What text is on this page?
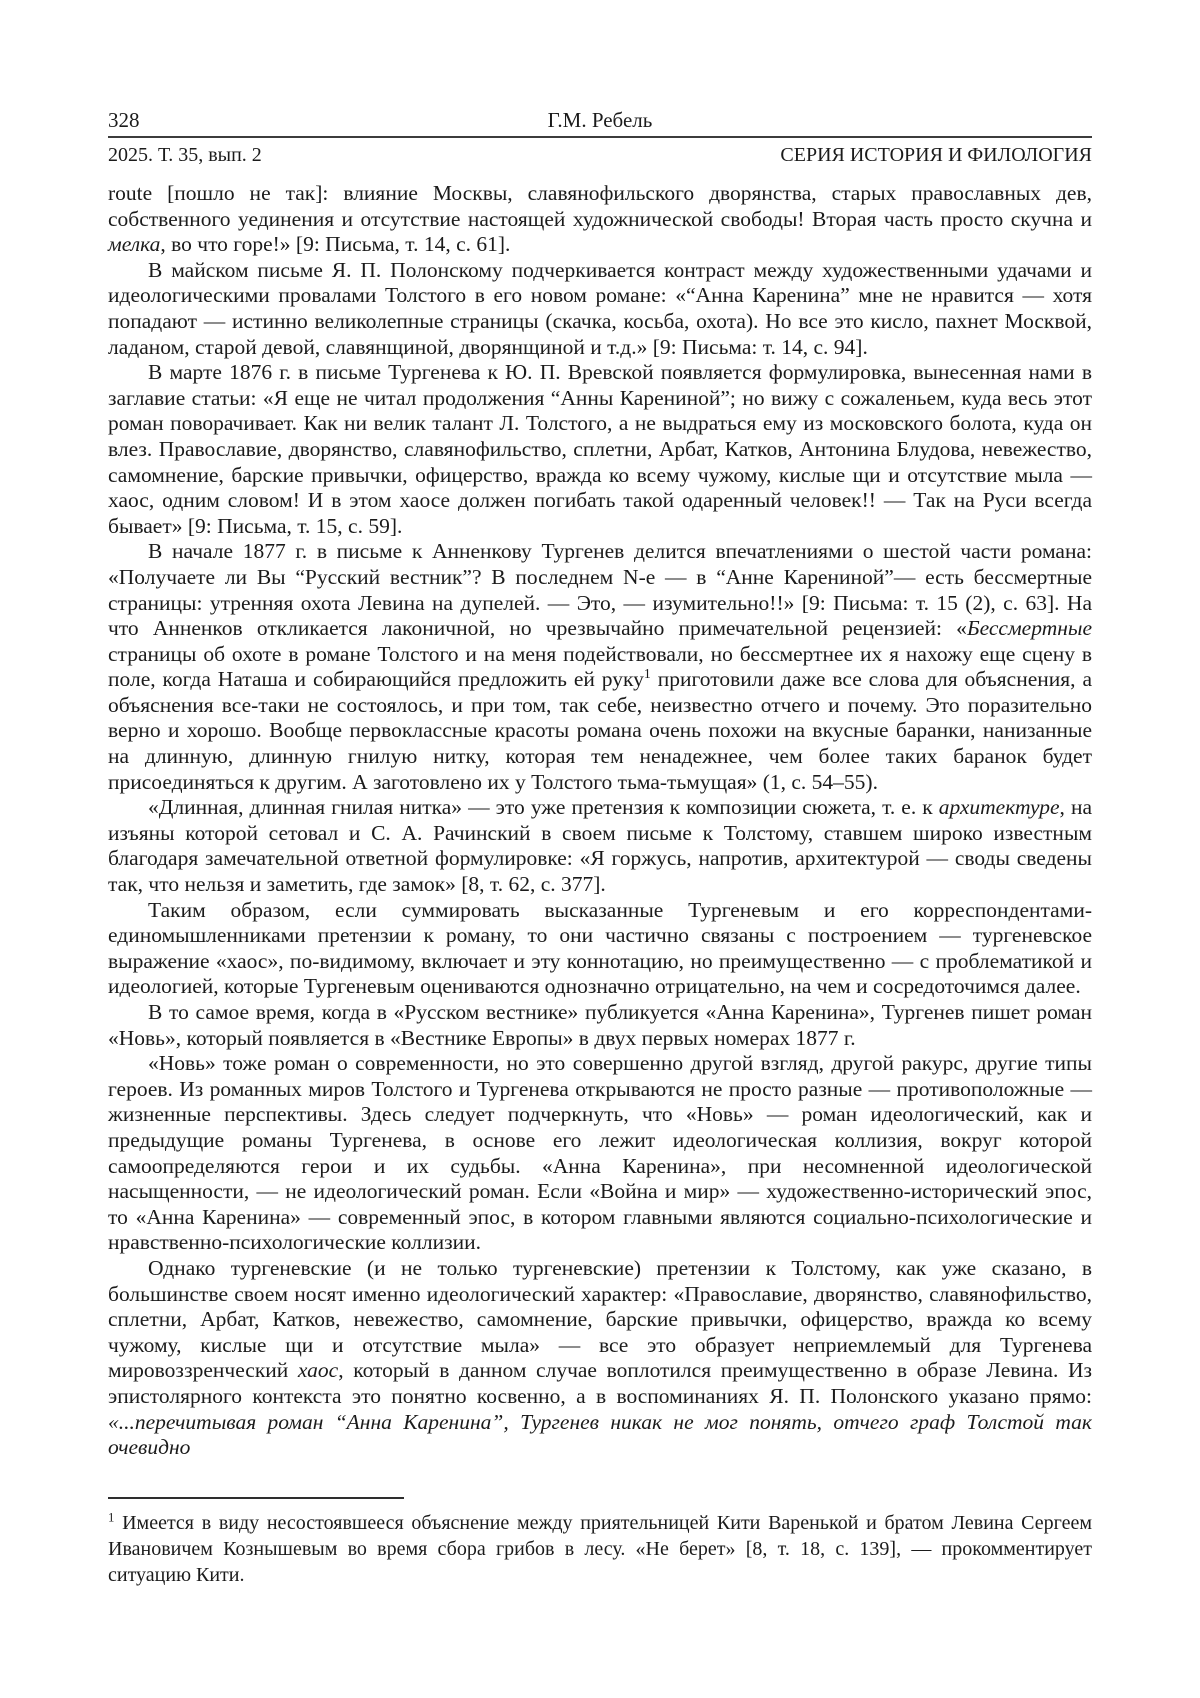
328	Г.М. Ребель
2025. Т. 35, вып. 2	СЕРИЯ ИСТОРИЯ И ФИЛОЛОГИЯ

route [пошло не так]: влияние Москвы, славянофильского дворянства, старых православных дев, собственного уединения и отсутствие настоящей художнической свободы! Вторая часть просто скучна и мелка, во что горе!» [9: Письма, т. 14, с. 61].

В майском письме Я. П. Полонскому подчеркивается контраст между художественными удачами и идеологическими провалами Толстого в его новом романе: «“Анна Каренина” мне не нравится — хотя попадают — истинно великолепные страницы (скачка, косьба, охота). Но все это кисло, пахнет Москвой, ладаном, старой девой, славянщиной, дворянщиной и т.д.» [9: Письма: т. 14, с. 94].

В марте 1876 г. в письме Тургенева к Ю. П. Вревской появляется формулировка, вынесенная нами в заглавие статьи: «Я еще не читал продолжения “Анны Карениной”; но вижу с сожаленьем, куда весь этот роман поворачивает. Как ни велик талант Л. Толстого, а не выдраться ему из московского болота, куда он влез. Православие, дворянство, славянофильство, сплетни, Арбат, Катков, Антонина Блудова, невежество, самомнение, барские привычки, офицерство, вражда ко всему чужому, кислые щи и отсутствие мыла — хаос, одним словом! И в этом хаосе должен погибать такой одаренный человек!! — Так на Руси всегда бывает» [9: Письма, т. 15, с. 59].

В начале 1877 г. в письме к Анненкову Тургенев делится впечатлениями о шестой части романа: «Получаете ли Вы “Русский вестник”? В последнем N-е — в “Анне Карениной”— есть бессмертные страницы: утренняя охота Левина на дупелей. — Это, — изумительно!!» [9: Письма: т. 15 (2), с. 63]. На что Анненков откликается лаконичной, но чрезвычайно примечательной рецензией: «Бессмертные страницы об охоте в романе Толстого и на меня подействовали, но бессмертнее их я нахожу еще сцену в поле, когда Наташа и собирающийся предложить ей руку$^1$ приготовили даже все слова для объяснения, а объяснения все-таки не состоялось, и при том, так себе, неизвестно отчего и почему. Это поразительно верно и хорошо. Вообще первоклассные красоты романа очень похожи на вкусные баранки, нанизанные на длинную, длинную гнилую нитку, которая тем ненадежнее, чем более таких баранок будет присоединяться к другим. А заготовлено их у Толстого тьма-тьмущая» (1, с. 54–55).

«Длинная, длинная гнилая нитка» — это уже претензия к композиции сюжета, т. е. к архитектуре, на изъяны которой сетовал и С. А. Рачинский в своем письме к Толстому, ставшем широко известным благодаря замечательной ответной формулировке: «Я горжусь, напротив, архитектурой — своды сведены так, что нельзя и заметить, где замок» [8, т. 62, с. 377].

Таким образом, если суммировать высказанные Тургеневым и его корреспондентами-единомышленниками претензии к роману, то они частично связаны с построением — тургеневское выражение «хаос», по-видимому, включает и эту коннотацию, но преимущественно — с проблематикой и идеологией, которые Тургеневым оцениваются однозначно отрицательно, на чем и сосредоточимся далее.

В то самое время, когда в «Русском вестнике» публикуется «Анна Каренина», Тургенев пишет роман «Новь», который появляется в «Вестнике Европы» в двух первых номерах 1877 г.

«Новь» тоже роман о современности, но это совершенно другой взгляд, другой ракурс, другие типы героев. Из романных миров Толстого и Тургенева открываются не просто разные — противоположные — жизненные перспективы. Здесь следует подчеркнуть, что «Новь» — роман идеологический, как и предыдущие романы Тургенева, в основе его лежит идеологическая коллизия, вокруг которой самоопределяются герои и их судьбы. «Анна Каренина», при несомненной идеологической насыщенности, — не идеологический роман. Если «Война и мир» — художественно-исторический эпос, то «Анна Каренина» — современный эпос, в котором главными являются социально-психологические и нравственно-психологические коллизии.

Однако тургеневские (и не только тургеневские) претензии к Толстому, как уже сказано, в большинстве своем носят именно идеологический характер: «Православие, дворянство, славянофильство, сплетни, Арбат, Катков, невежество, самомнение, барские привычки, офицерство, вражда ко всему чужому, кислые щи и отсутствие мыла» — все это образует неприемлемый для Тургенева мировоззренческий хаос, который в данном случае воплотился преимущественно в образе Левина. Из эпистолярного контекста это понятно косвенно, а в воспоминаниях Я. П. Полонского указано прямо: «...перечитывая роман “Анна Каренина”, Тургенев никак не мог понять, отчего граф Толстой так очевидно

$^1$ Имеется в виду несостоявшееся объяснение между приятельницей Кити Варенькой и братом Левина Сергеем Ивановичем Кознышевым во время сбора грибов в лесу. «Не берет» [8, т. 18, с. 139], — прокомментирует ситуацию Кити.
